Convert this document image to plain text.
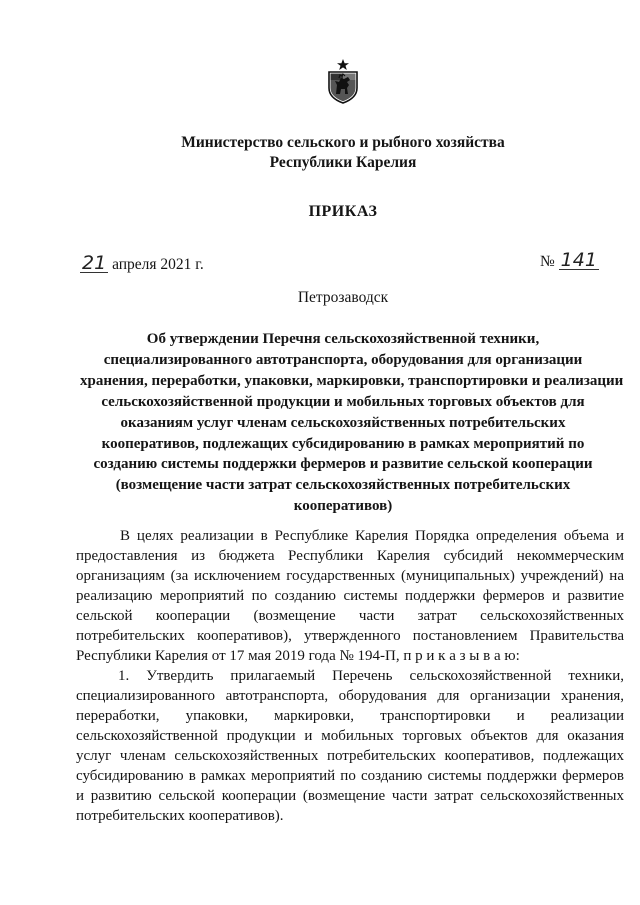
Министерство сельского и рыбного хозяйства
Республики Карелия
ПРИКАЗ
21 апреля 2021 г.	№ 141
Петрозаводск
Об утверждении Перечня сельскохозяйственной техники,
специализированного автотранспорта, оборудования для организации
хранения, переработки, упаковки, маркировки, транспортировки и реализации
сельскохозяйственной продукции и мобильных торговых объектов для
оказаниям услуг членам сельскохозяйственных потребительских
кооперативов, подлежащих субсидированию в рамках мероприятий по
созданию системы поддержки фермеров и развитие сельской кооперации
(возмещение части затрат сельскохозяйственных потребительских
кооперативов)
В целях реализации в Республике Карелия Порядка определения объема и
предоставления из бюджета Республики Карелия субсидий некоммерческим
организациям (за исключением государственных (муниципальных) учреждений) на
реализацию мероприятий по созданию системы поддержки фермеров и развитие
сельской кооперации (возмещение части затрат сельскохозяйственных
потребительских кооперативов), утвержденного постановлением Правительства
Республики Карелия от 17 мая 2019 года № 194-П, п р и к а з ы в а ю:
1. Утвердить прилагаемый Перечень сельскохозяйственной техники,
специализированного автотранспорта, оборудования для организации хранения,
переработки, упаковки, маркировки, транспортировки и реализации
сельскохозяйственной продукции и мобильных торговых объектов для оказания
услуг членам сельскохозяйственных потребительских кооперативов, подлежащих
субсидированию в рамках мероприятий по созданию системы поддержки фермеров
и развитию сельской кооперации (возмещение части затрат сельскохозяйственных
потребительских кооперативов).
